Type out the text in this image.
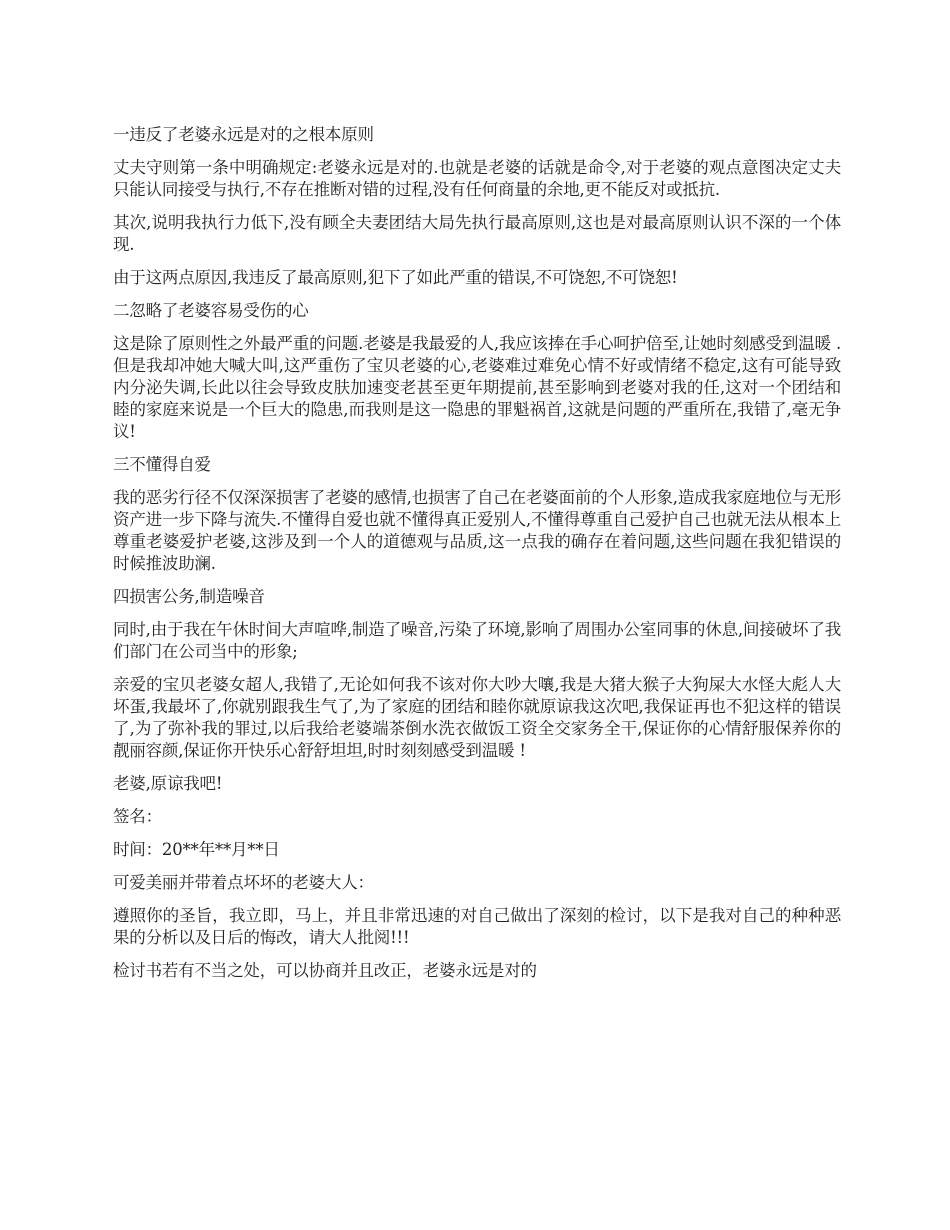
一违反了老婆永远是对的之根本原则

丈夫守则第一条中明确规定:老婆永远是对的.也就是老婆的话就是命令,对于老婆的观点意图决定丈夫只能认同接受与执行,不存在推断对错的过程,没有任何商量的余地,更不能反对或抵抗.

其次,说明我执行力低下,没有顾全夫妻团结大局先执行最高原则,这也是对最高原则认识不深的一个体现.

由于这两点原因,我违反了最高原则,犯下了如此严重的错误,不可饶恕,不可饶恕!

二忽略了老婆容易受伤的心

这是除了原则性之外最严重的问题.老婆是我最爱的人,我应该捧在手心呵护倍至,让她时刻感受到温暖 .但是我却冲她大喊大叫,这严重伤了宝贝老婆的心,老婆难过难免心情不好或情绪不稳定,这有可能导致内分泌失调,长此以往会导致皮肤加速变老甚至更年期提前,甚至影响到老婆对我的任,这对一个团结和睦的家庭来说是一个巨大的隐患,而我则是这一隐患的罪魁祸首,这就是问题的严重所在,我错了,毫无争议!

三不懂得自爱

我的恶劣行径不仅深深损害了老婆的感情,也损害了自己在老婆面前的个人形象,造成我家庭地位与无形资产进一步下降与流失.不懂得自爱也就不懂得真正爱别人,不懂得尊重自己爱护自己也就无法从根本上尊重老婆爱护老婆,这涉及到一个人的道德观与品质,这一点我的确存在着问题,这些问题在我犯错误的时候推波助澜.

四损害公务,制造噪音

同时,由于我在午休时间大声喧哗,制造了噪音,污染了环境,影响了周围办公室同事的休息,间接破坏了我们部门在公司当中的形象;

亲爱的宝贝老婆女超人,我错了,无论如何我不该对你大吵大嚷,我是大猪大猴子大狗屎大水怪大彪人大坏蛋,我最坏了,你就别跟我生气了,为了家庭的团结和睦你就原谅我这次吧,我保证再也不犯这样的错误了,为了弥补我的罪过,以后我给老婆端茶倒水洗衣做饭工资全交家务全干,保证你的心情舒服保养你的靓丽容颜,保证你开快乐心舒舒坦坦,时时刻刻感受到温暖 !

老婆,原谅我吧!

签名：

时间：20**年**月**日

可爱美丽并带着点坏坏的老婆大人：

遵照你的圣旨，我立即，马上，并且非常迅速的对自己做出了深刻的检讨，以下是我对自己的种种恶果的分析以及日后的悔改，请大人批阅!!!

检讨书若有不当之处，可以协商并且改正，老婆永远是对的
